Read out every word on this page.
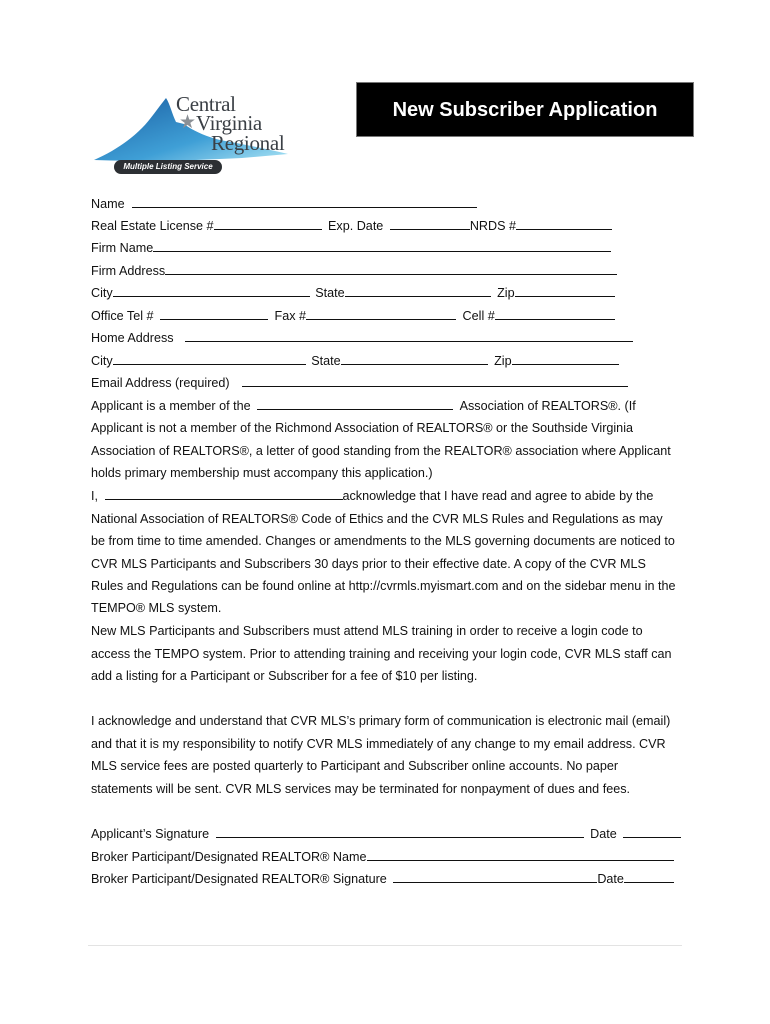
Central
★ Virginia
Regional
Multiple Listing Service
New Subscriber Application
Name
Real Estate License #	Exp. Date	NRDS #
Firm Name
Firm Address
City	State	Zip
Office Tel #	Fax #	Cell #
Home Address
City	State	Zip
Email Address (required)
Applicant is a member of the	Association of REALTORS®. (If
Applicant is not a member of the Richmond Association of REALTORS® or the Southside Virginia
Association of REALTORS®, a letter of good standing from the REALTOR® association where Applicant
holds primary membership must accompany this application.)
I,	acknowledge that I have read and agree to abide by the
National Association of REALTORS® Code of Ethics and the CVR MLS Rules and Regulations as may
be from time to time amended. Changes or amendments to the MLS governing documents are noticed to
CVR MLS Participants and Subscribers 30 days prior to their effective date. A copy of the CVR MLS
Rules and Regulations can be found online at http://cvrmls.myismart.com and on the sidebar menu in the
TEMPO® MLS system.
New MLS Participants and Subscribers must attend MLS training in order to receive a login code to
access the TEMPO system. Prior to attending training and receiving your login code, CVR MLS staff can
add a listing for a Participant or Subscriber for a fee of $10 per listing.
I acknowledge and understand that CVR MLS’s primary form of communication is electronic mail (email)
and that it is my responsibility to notify CVR MLS immediately of any change to my email address. CVR
MLS service fees are posted quarterly to Participant and Subscriber online accounts. No paper
statements will be sent. CVR MLS services may be terminated for nonpayment of dues and fees.
Applicant’s Signature	Date
Broker Participant/Designated REALTOR® Name
Broker Participant/Designated REALTOR® Signature	Date
